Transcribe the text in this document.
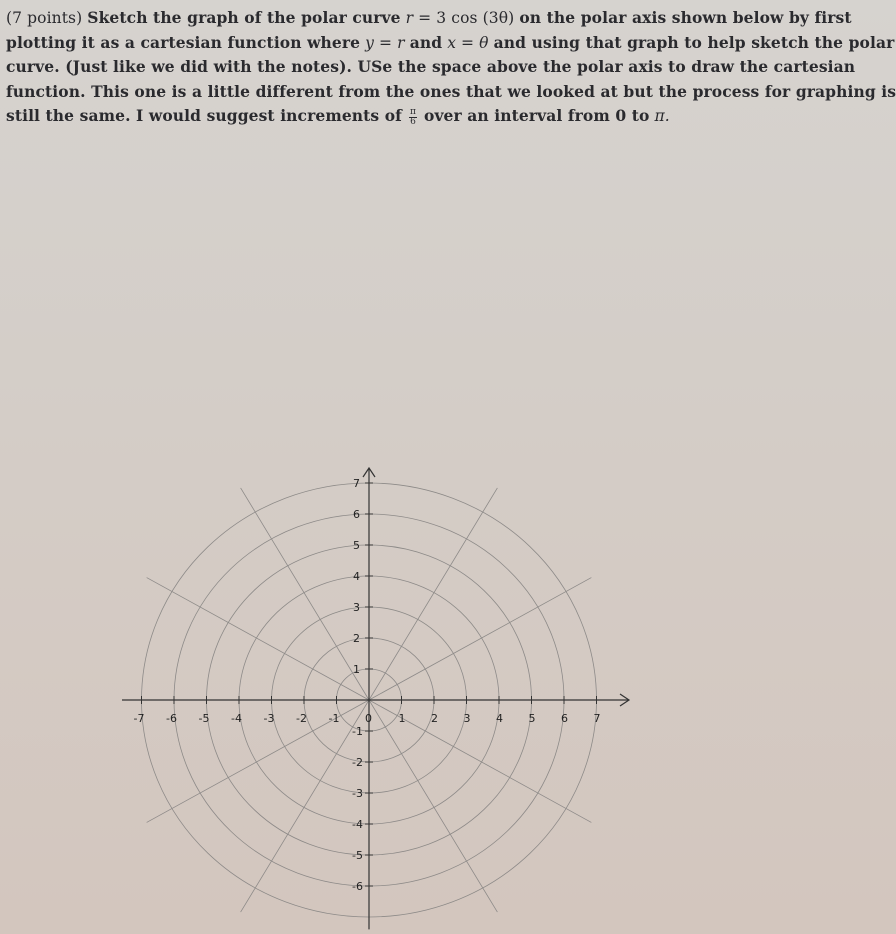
(7 points) Sketch the graph of the polar curve r = 3 cos (3θ) on the polar axis shown below by first
plotting it as a cartesian function where y = r and x = θ and using that graph to help sketch the polar
curve. (Just like we did with the notes). USe the space above the polar axis to draw the cartesian
function. This one is a little different from the ones that we looked at but the process for graphing is
still the same. I would suggest increments of $\frac{\pi}{6}$ over an interval from 0 to π.
-7 -6 -5 -4 -3 -2 -1 0 1 2 3 4 5 6 7
1
2
3
4
5
6
7
-1
-2
-3
-4
-5
-6
